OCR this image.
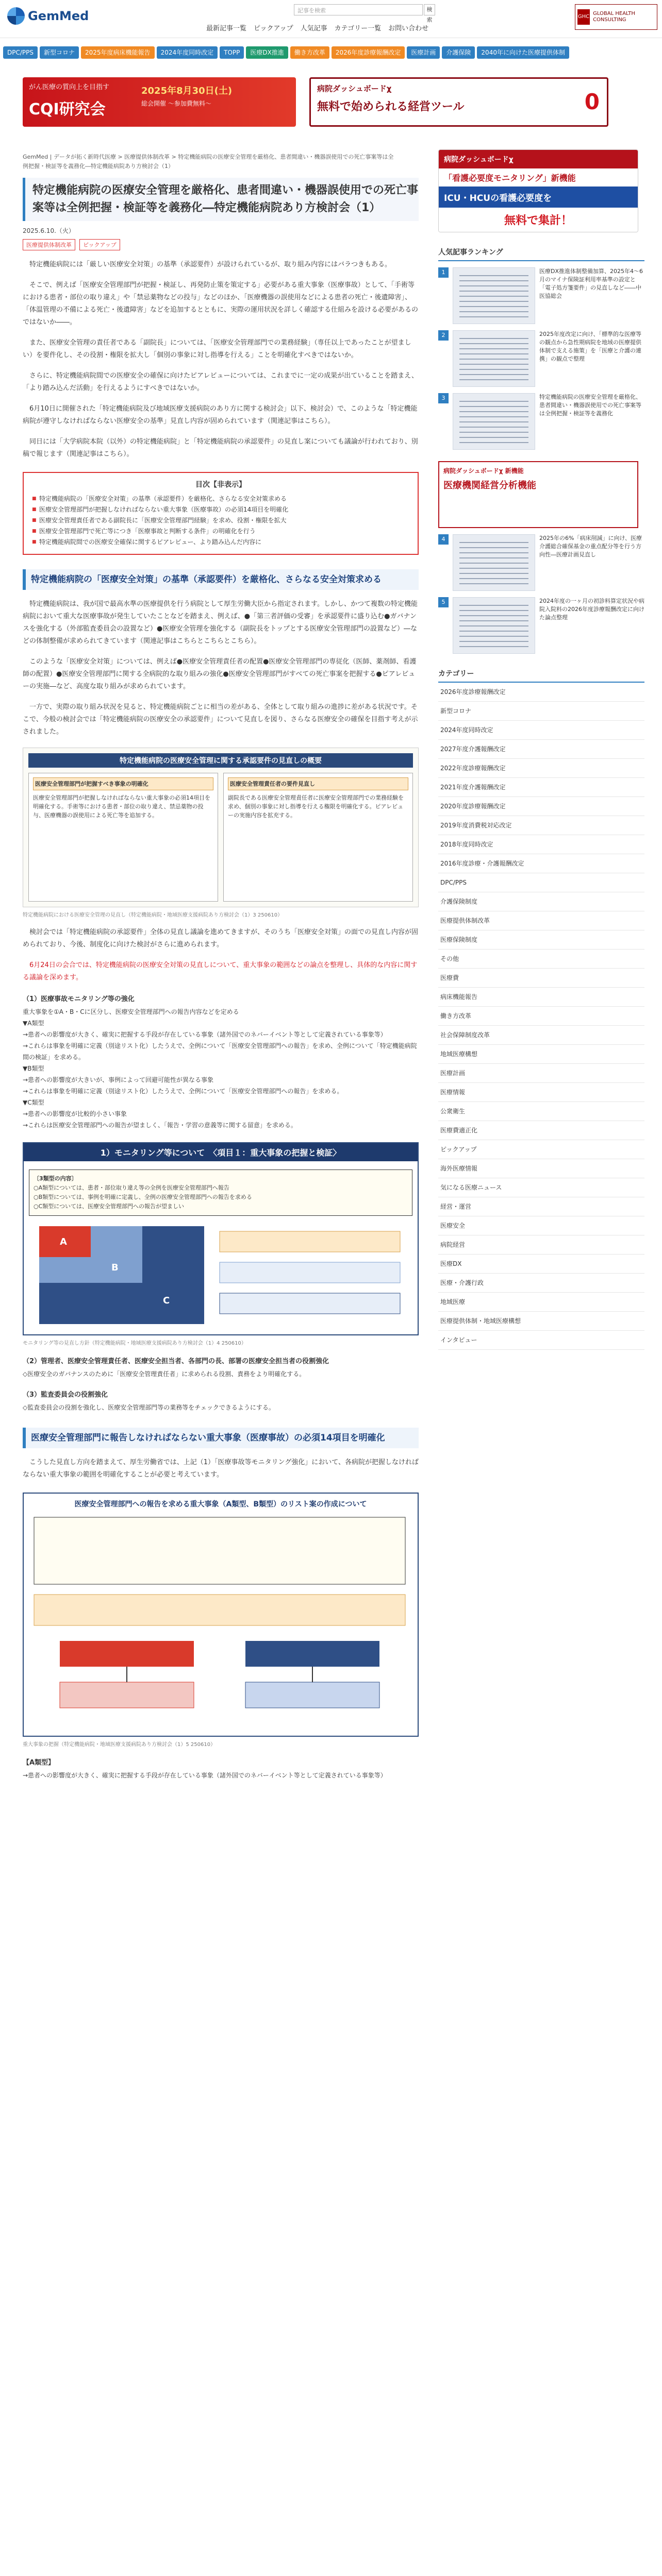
GemMed	記事を検索	検索
最新記事一覧 ピックアップ 人気記事 カテゴリー一覧 お問い合わせ
GHC
GLOBAL HEALTH CONSULTING
DPC/PPS	新型コロナ	2025年度病床機能報告	2024年度同時改定	TOPP	医療DX推進	働き方改革	2026年度診療報酬改定	医療計画	介護保険	2040年に向けた医療提供体制
がん医療の質向上を目指す
CQI研究会
2025年8月30日(土)
総会開催 ～参加費無料～
病院ダッシュボードχ
無料で始められる経営ツール	0
GemMed | データが拓く新時代医療 > 医療提供体制改革 > 特定機能病院の医療安全管理を厳格化、患者間違い・機器誤使用での死亡事案等は全例把握・検証等を義務化―特定機能病院あり方検討会（1）
特定機能病院の医療安全管理を厳格化、患者間違い・機器誤使用での死亡事案等は全例把握・検証等を義務化―特定機能病院あり方検討会（1）
2025.6.10.（火）
医療提供体制改革	ピックアップ

特定機能病院には「厳しい医療安全対策」の基準（承認要件）が設けられているが、取り組み内容にはバラつきもある。

そこで、例えば「医療安全管理部門が把握・検証し、再発防止策を策定する」必要がある重大事象（医療事故）として、「手術等における患者・部位の取り違え」や「禁忌薬物などの投与」などのほか、「医療機器の誤使用などによる患者の死亡・後遺障害」、「体温管理の不備による死亡・後遺障害」などを追加するとともに、実際の運用状況を詳しく確認する仕組みを設ける必要があるのではないか――。

また、医療安全管理の責任者である「副院長」については、「医療安全管理部門での業務経験」（専任以上であったことが望ましい）を要件化し、その役割・権限を拡大し「個別の事象に対し指導を行える」ことを明確化すべきではないか。

さらに、特定機能病院間での医療安全の確保に向けたピアレビューについては、これまでに一定の成果が出ていることを踏まえ、「より踏み込んだ活動」を行えるようにすべきではないか。

6月10日に開催された「特定機能病院及び地域医療支援病院のあり方に関する検討会」以下、検討会）で、このような「特定機能病院が遵守しなければならない医療安全の基準」見直し内容が固められています（関連記事はこちら）。

同日には「大学病院本院（以外）の特定機能病院」と「特定機能病院の承認要件」の見直し案についても議論が行われており、別稿で報じます（関連記事はこちら）。

目次【非表示】
■ 特定機能病院の「医療安全対策」の基準（承認要件）を厳格化、さらなる安全対策求める
■ 医療安全管理部門が把握しなければならない重大事象（医療事故）の必須14項目を明確化
■ 医療安全管理責任者である副院長に「医療安全管理部門経験」を求め、役割・権限を拡大
■ 医療安全管理部門で死亡等につき「医療事故と判断する条件」の明確化を行う
■ 特定機能病院間での医療安全確保に関するピアレビュー、より踏み込んだ内容に
特定機能病院の「医療安全対策」の基準（承認要件）を厳格化、さらなる安全対策求める

特定機能病院は、我が国で最高水準の医療提供を行う病院として厚生労働大臣から指定されます。しかし、かつて複数の特定機能病院において重大な医療事故が発生していたことなどを踏まえ、例えば、●「第三者評価の受審」を承認要件に盛り込む●ガバナンスを強化する（外部監査委員会の設置など）●医療安全管理を強化する（副院長をトップとする医療安全管理部門の設置など）―などの体制整備が求められてきています（関連記事はこちらとこちらとこちら）。

このような「医療安全対策」については、例えば●医療安全管理責任者の配置●医療安全管理部門の専従化（医師、薬剤師、看護師の配置）●医療安全管理部門に関する全病院的な取り組みの強化●医療安全管理部門がすべての死亡事案を把握する●ピアレビューの実施―など、高度な取り組みが求められています。

一方で、実際の取り組み状況を見ると、特定機能病院ごとに相当の差がある、全体として取り組みの進捗に差がある状況です。そこで、今般の検討会では「特定機能病院の医療安全の承認要件」について見直しを図り、さらなる医療安全の確保を目指す考えが示されました。

特定機能病院の医療安全管理に関する承認要件の見直しの概要
医療安全管理部門が把握すべき事象の明確化
医療安全管理部門が把握しなければならない重大事象の必須14項目を明確化する。手術等における患者・部位の取り違え、禁忌薬物の投与、医療機器の誤使用による死亡等を追加する。
医療安全管理責任者の要件見直し
副院長である医療安全管理責任者に医療安全管理部門での業務経験を求め、個別の事象に対し指導を行える権限を明確化する。ピアレビューの実施内容を拡充する。
特定機能病院における医療安全管理の見直し（特定機能病院・地域医療支援病院あり方検討会（1）3 250610）

検討会では「特定機能病院の承認要件」全体の見直し議論を進めてきますが、そのうち「医療安全対策」の面での見直し内容が固められており、今後、制度化に向けた検討がさらに進められます。

6月24日の会合では、特定機能病院の医療安全対策の見直しについて、重大事象の範囲などの論点を整理し、具体的な内容に関する議論を深めます。

（1）医療事故モニタリング等の強化
重大事象を①A・B・Cに区分し、医療安全管理部門への報告内容などを定める
▼A類型
→患者への影響度が大きく、確実に把握する手段が存在している事象（諸外国でのネバーイベント等として定義されている事象等）
→これらは事象を明確に定義（別途リスト化）したうえで、全例について「医療安全管理部門への報告」を求め、全例について「特定機能病院間の検証」を求める。
▼B類型
→患者への影響度が大きいが、事例によって回避可能性が異なる事象
→これらは事象を明確に定義（別途リスト化）したうえで、全例について「医療安全管理部門への報告」を求める。
▼C類型
→患者への影響度が比較的小さい事象
→これらは医療安全管理部門への報告が望ましく、「報告・学習の意義等に関する留意」を求める。
1）モニタリング等について　〈項目１：重大事象の把握と検証〉
〔3類型の内容〕
○A類型については、患者・部位取り違え等の全例を医療安全管理部門へ報告
○B類型については、事例を明確に定義し、全例の医療安全管理部門への報告を求める
○C類型については、医療安全管理部門への報告が望ましい
A
B
C
モニタリング等の見直し方針（特定機能病院・地域医療支援病院あり方検討会（1）4 250610）
（2）管理者、医療安全管理責任者、医療安全担当者、各部門の長、部署の医療安全担当者の役割強化
◇医療安全のガバナンスのために「医療安全管理責任者」に求められる役割、責務をより明確化する。
（3）監査委員会の役割強化
◇監査委員会の役割を強化し、医療安全管理部門等の業務等をチェックできるようにする。
医療安全管理部門に報告しなければならない重大事象（医療事故）の必須14項目を明確化

こうした見直し方向を踏まえて、厚生労働省では、上記（1）「医療事故等モニタリング強化」において、各病院が把握しなければならない重大事象の範囲を明確化することが必要と考えています。

医療安全管理部門への報告を求める重大事象（A類型、B類型）のリスト案の作成について
重大事象の把握（特定機能病院・地域医療支援病院あり方検討会（1）5 250610）
【A類型】
→患者への影響度が大きく、確実に把握する手段が存在している事象（諸外国でのネバーイベント等として定義されている事象等）
病院ダッシュボードχ
「看護必要度モニタリング」新機能
ICU・HCUの看護必要度を
無料で集計！
人気記事ランキング
1	医療DX推進体制整備加算、2025年4〜6月のマイナ保険証利用率基準の設定と「電子処方箋要件」の見直しなど――中医協総会
2	2025年度改定に向け、「標準的な医療等の観点から急性期病院を地域の医療提供体制で支える施策」を「医療と介護の連携」の観点で整理
3	特定機能病院の医療安全管理を厳格化、患者間違い・機器誤使用での死亡事案等は全例把握・検証等を義務化
病院ダッシュボードχ 新機能
医療機関経営分析機能
4	2025年の6%「病床削減」に向け、医療介護総合確保基金の重点配分等を行う方向性―医療計画見直し
5	2024年度の一ヶ月の初診料算定状況や病院入院料の2026年度診療報酬改定に向けた論点整理
カテゴリー
2026年度診療報酬改定
新型コロナ
2024年度同時改定
2027年度介護報酬改定
2022年度診療報酬改定
2021年度介護報酬改定
2020年度診療報酬改定
2019年度消費税対応改定
2018年度同時改定
2016年度診療・介護報酬改定
DPC/PPS
介護保険制度
医療提供体制改革
医療保険制度
その他
医療費
病床機能報告
働き方改革
社会保障制度改革
地域医療構想
医療計画
医療情報
公衆衛生
医療費適正化
ピックアップ
海外医療情報
気になる医療ニュース
経営・運営
医療安全
病院経営
医療DX
医療・介護行政
地域医療
医療提供体制・地域医療構想
インタビュー
